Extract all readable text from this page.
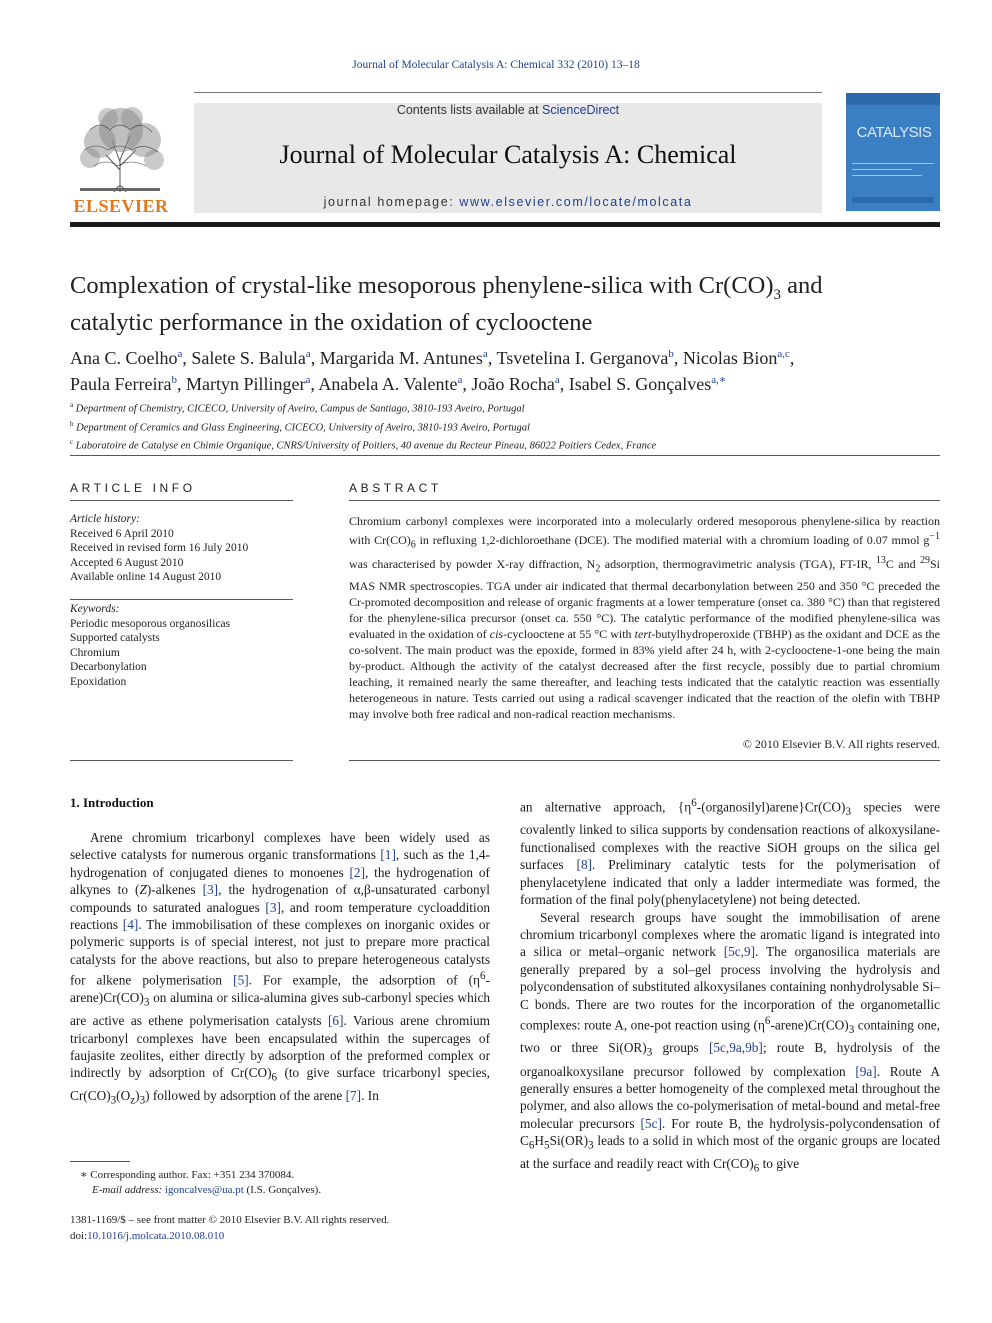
Journal of Molecular Catalysis A: Chemical 332 (2010) 13–18
ELSEVIER
Contents lists available at ScienceDirect
Journal of Molecular Catalysis A: Chemical
journal homepage: www.elsevier.com/locate/molcata
CATALYSIS
Complexation of crystal-like mesoporous phenylene-silica with $Cr(CO)_3$ and
catalytic performance in the oxidation of cyclooctene
Ana C. Coelho$^a$, Salete S. Balula$^a$, Margarida M. Antunes$^a$, Tsvetelina I. Gerganova$^b$, Nicolas Bion$^{a,c}$,
Paula Ferreira$^b$, Martyn Pillinger$^a$, Anabela A. Valente$^a$, João Rocha$^a$, Isabel S. Gonçalves$^{a,∗}$
$^a$ Department of Chemistry, CICECO, University of Aveiro, Campus de Santiago, 3810-193 Aveiro, Portugal
$^b$ Department of Ceramics and Glass Engineering, CICECO, University of Aveiro, 3810-193 Aveiro, Portugal
$^c$ Laboratoire de Catalyse en Chimie Organique, CNRS/University of Poitiers, 40 avenue du Recteur Pineau, 86022 Poitiers Cedex, France
ARTICLE INFO
Article history:
Received 6 April 2010
Received in revised form 16 July 2010
Accepted 6 August 2010
Available online 14 August 2010
Keywords:
Periodic mesoporous organosilicas
Supported catalysts
Chromium
Decarbonylation
Epoxidation
ABSTRACT
Chromium carbonyl complexes were incorporated into a molecularly ordered mesoporous phenylene-silica by reaction with $Cr(CO)_6$ in refluxing 1,2-dichloroethane (DCE). The modified material with a chromium loading of 0.07 mmol $g^{-1}$ was characterised by powder X-ray diffraction, $N_2$ adsorption, thermogravimetric analysis (TGA), FT-IR, $^{13}$C and $^{29}$Si MAS NMR spectroscopies. TGA under air indicated that thermal decarbonylation between 250 and 350 °C preceded the Cr-promoted decomposition and release of organic fragments at a lower temperature (onset ca. 380 °C) than that registered for the phenylene-silica precursor (onset ca. 550 °C). The catalytic performance of the modified phenylene-silica was evaluated in the oxidation of cis-cyclooctene at 55 °C with tert-butylhydroperoxide (TBHP) as the oxidant and DCE as the co-solvent. The main product was the epoxide, formed in 83% yield after 24 h, with 2-cyclooctene-1-one being the main by-product. Although the activity of the catalyst decreased after the first recycle, possibly due to partial chromium leaching, it remained nearly the same thereafter, and leaching tests indicated that the catalytic reaction was essentially heterogeneous in nature. Tests carried out using a radical scavenger indicated that the reaction of the olefin with TBHP may involve both free radical and non-radical reaction mechanisms.
© 2010 Elsevier B.V. All rights reserved.
1. Introduction

Arene chromium tricarbonyl complexes have been widely used as selective catalysts for numerous organic transformations [1], such as the 1,4-hydrogenation of conjugated dienes to monoenes [2], the hydrogenation of alkynes to (Z)-alkenes [3], the hydrogenation of α,β-unsaturated carbonyl compounds to saturated analogues [3], and room temperature cycloaddition reactions [4]. The immobilisation of these complexes on inorganic oxides or polymeric supports is of special interest, not just to prepare more practical catalysts for the above reactions, but also to prepare heterogeneous catalysts for alkene polymerisation [5]. For example, the adsorption of $(\eta^6-arene)Cr(CO)_3$ on alumina or silica-alumina gives sub-carbonyl species which are active as ethene polymerisation catalysts [6]. Various arene chromium tricarbonyl complexes have been encapsulated within the supercages of faujasite zeolites, either directly by adsorption of the preformed complex or indirectly by adsorption of $Cr(CO)_6$ (to give surface tricarbonyl species, $Cr(CO)_3(O_z)_3$) followed by adsorption of the arene [7]. In

an alternative approach, $\{\eta^6-(organosilyl)arene\}Cr(CO)_3$ species were covalently linked to silica supports by condensation reactions of alkoxysilane-functionalised complexes with the reactive SiOH groups on the silica gel surfaces [8]. Preliminary catalytic tests for the polymerisation of phenylacetylene indicated that only a ladder intermediate was formed, the formation of the final poly(phenylacetylene) not being detected.

Several research groups have sought the immobilisation of arene chromium tricarbonyl complexes where the aromatic ligand is integrated into a silica or metal–organic network [5c,9]. The organosilica materials are generally prepared by a sol–gel process involving the hydrolysis and polycondensation of substituted alkoxysilanes containing nonhydrolysable Si–C bonds. There are two routes for the incorporation of the organometallic complexes: route A, one-pot reaction using $(\eta^6-arene)Cr(CO)_3$ containing one, two or three $Si(OR)_3$ groups [5c,9a,9b]; route B, hydrolysis of the organoalkoxysilane precursor followed by complexation [9a]. Route A generally ensures a better homogeneity of the complexed metal throughout the polymer, and also allows the co-polymerisation of metal-bound and metal-free molecular precursors [5c]. For route B, the hydrolysis-polycondensation of $C_6H_5Si(OR)_3$ leads to a solid in which most of the organic groups are located at the surface and readily react with $Cr(CO)_6$ to give

∗ Corresponding author. Fax: +351 234 370084.
E-mail address: igoncalves@ua.pt (I.S. Gonçalves).
1381-1169/$ – see front matter © 2010 Elsevier B.V. All rights reserved.
doi:10.1016/j.molcata.2010.08.010
